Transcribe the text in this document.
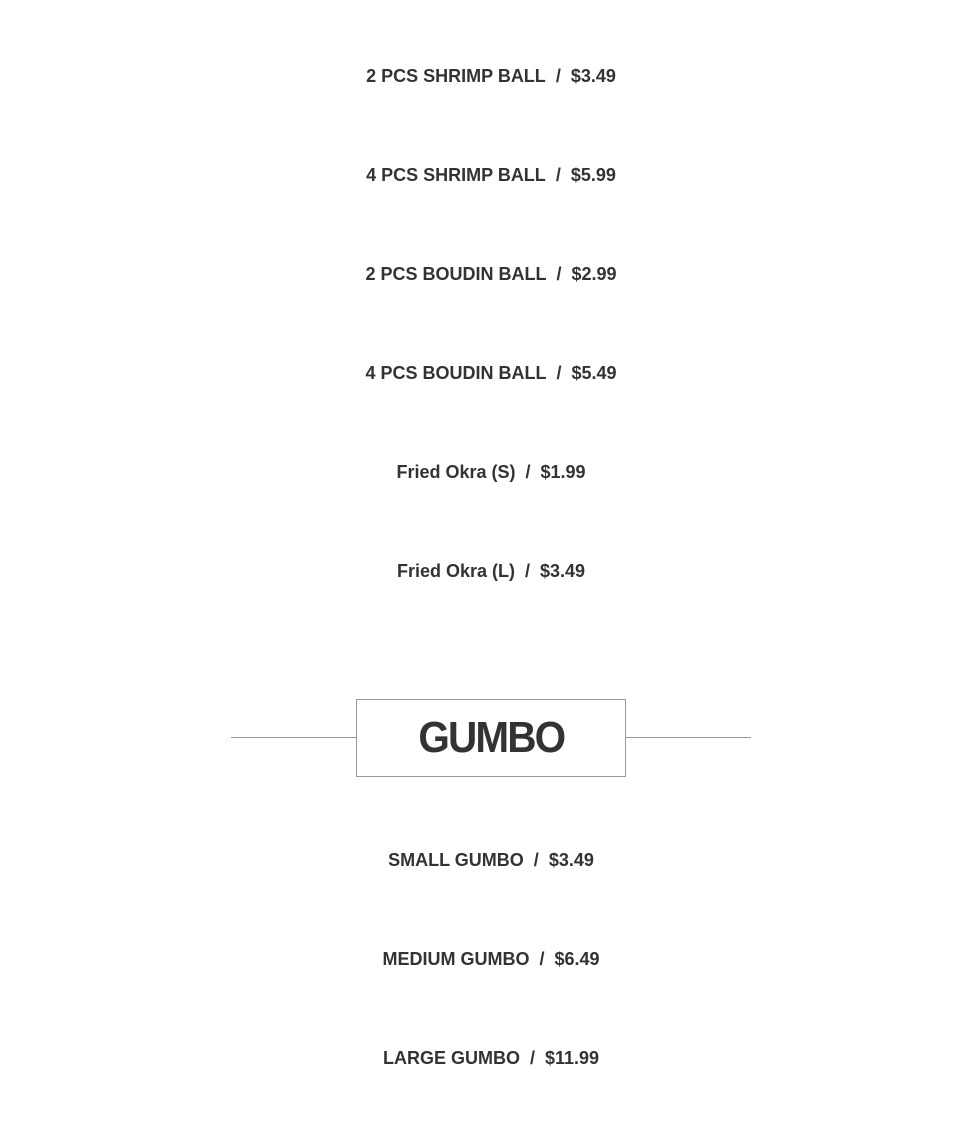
2 PCS SHRIMP BALL / $3.49
4 PCS SHRIMP BALL / $5.99
2 PCS BOUDIN BALL / $2.99
4 PCS BOUDIN BALL / $5.49
Fried Okra (S) / $1.99
Fried Okra (L) / $3.49
GUMBO
SMALL GUMBO / $3.49
MEDIUM GUMBO / $6.49
LARGE GUMBO / $11.99
